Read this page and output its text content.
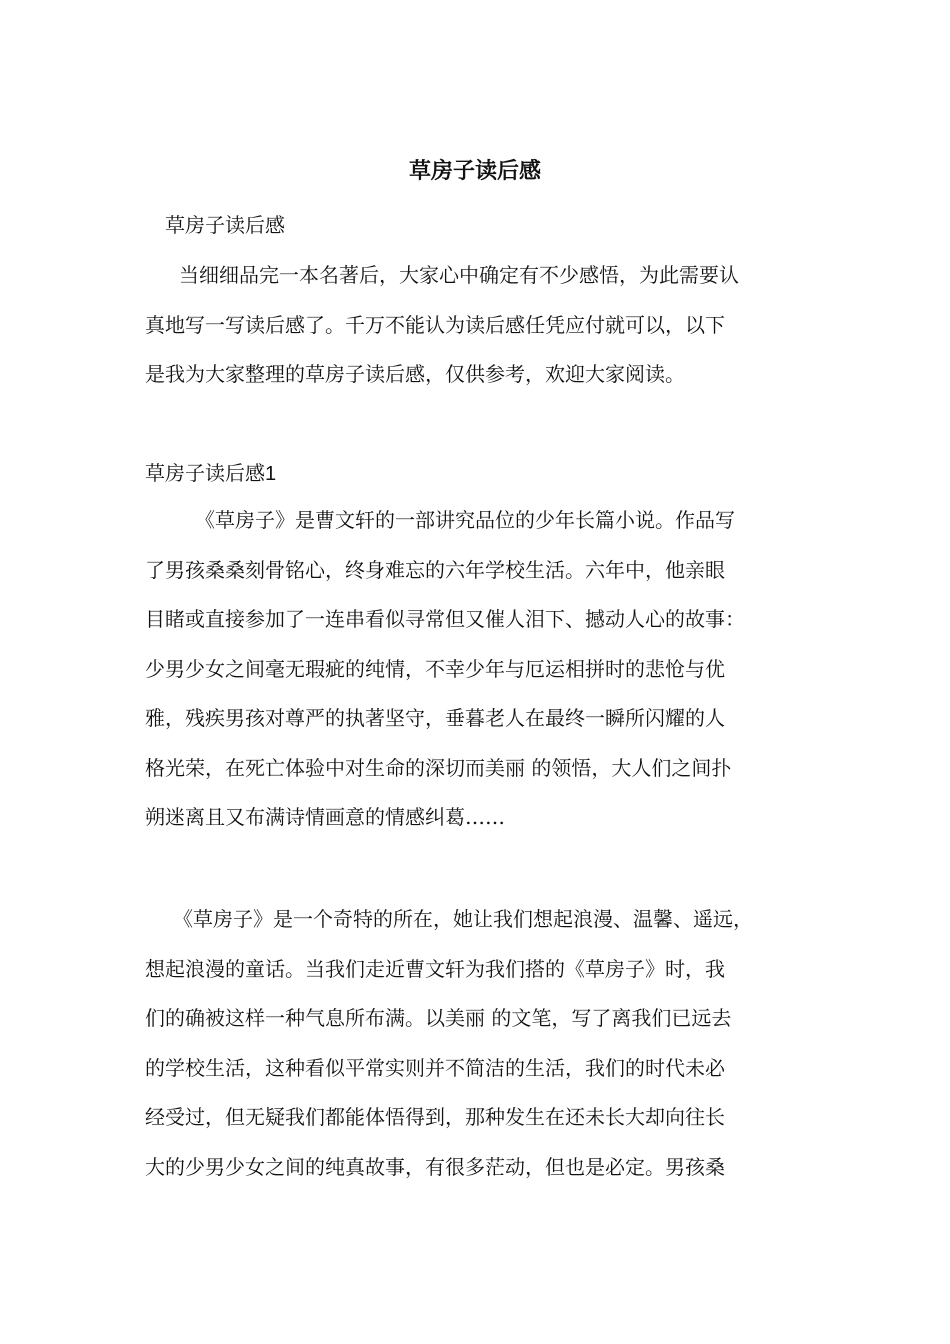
草房子读后感
草房子读后感
当细细品完一本名著后，大家心中确定有不少感悟，为此需要认
真地写一写读后感了。千万不能认为读后感任凭应付就可以，以下
是我为大家整理的草房子读后感，仅供参考，欢迎大家阅读。
草房子读后感1
《草房子》是曹文轩的一部讲究品位的少年长篇小说。作品写
了男孩桑桑刻骨铭心，终身难忘的六年学校生活。六年中，他亲眼
目睹或直接参加了一连串看似寻常但又催人泪下、撼动人心的故事：
少男少女之间毫无瑕疵的纯情，不幸少年与厄运相拼时的悲怆与优
雅，残疾男孩对尊严的执著坚守，垂暮老人在最终一瞬所闪耀的人
格光荣，在死亡体验中对生命的深切而美丽 的领悟，大人们之间扑
朔迷离且又布满诗情画意的情感纠葛……
《草房子》是一个奇特的所在，她让我们想起浪漫、温馨、遥远，
想起浪漫的童话。当我们走近曹文轩为我们搭的《草房子》时，我
们的确被这样一种气息所布满。以美丽 的文笔，写了离我们已远去
的学校生活，这种看似平常实则并不简洁的生活，我们的时代未必
经受过，但无疑我们都能体悟得到，那种发生在还未长大却向往长
大的少男少女之间的纯真故事，有很多茫动，但也是必定。男孩桑
